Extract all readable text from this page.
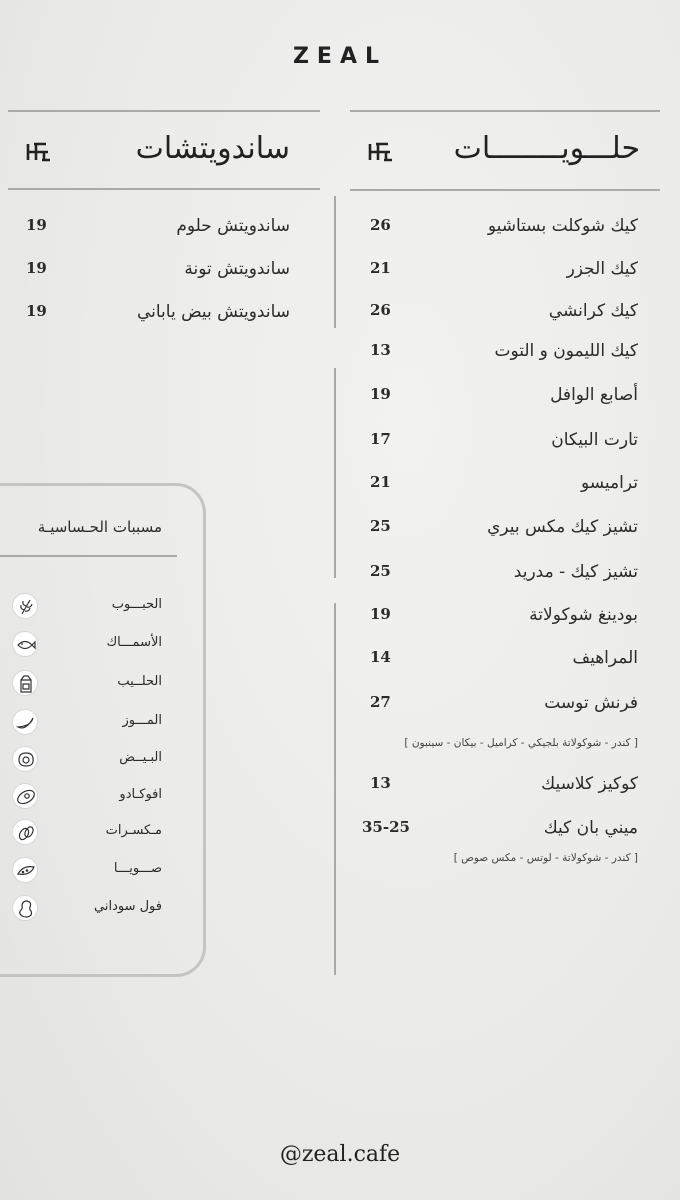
ZEAL
حلـــويــــــــات
ساندويتشات
26	كيك شوكلت بستاشيو
21	كيك الجزر
26	كيك كرانشي
13	كيك الليمون و التوت
19	أصابع الوافل
17	تارت البيكان
21	تراميسو
25	تشيز كيك مكس بيري
25	تشيز كيك - مدريد
19	بودينغ شوكولاتة
14	المراهيف
27	فرنش توست
[ كندر - شوكولاتة بلجيكي - كراميل - بيكان - سينبون ]
13	كوكيز كلاسيك
35-25	ميني بان كيك
[ كندر - شوكولاتة - لوتس - مكس صوص ]
19	ساندويتش حلوم
19	ساندويتش تونة
19	ساندويتش بيض ياباني
مسببات الحـساسيـة
الحبـــوب
الأسمـــاك
الحلــيب
المـــوز
البـيــض
افوكـادو
مـكسـرات
صـــويـــا
فول سوداني
@zeal.cafe
